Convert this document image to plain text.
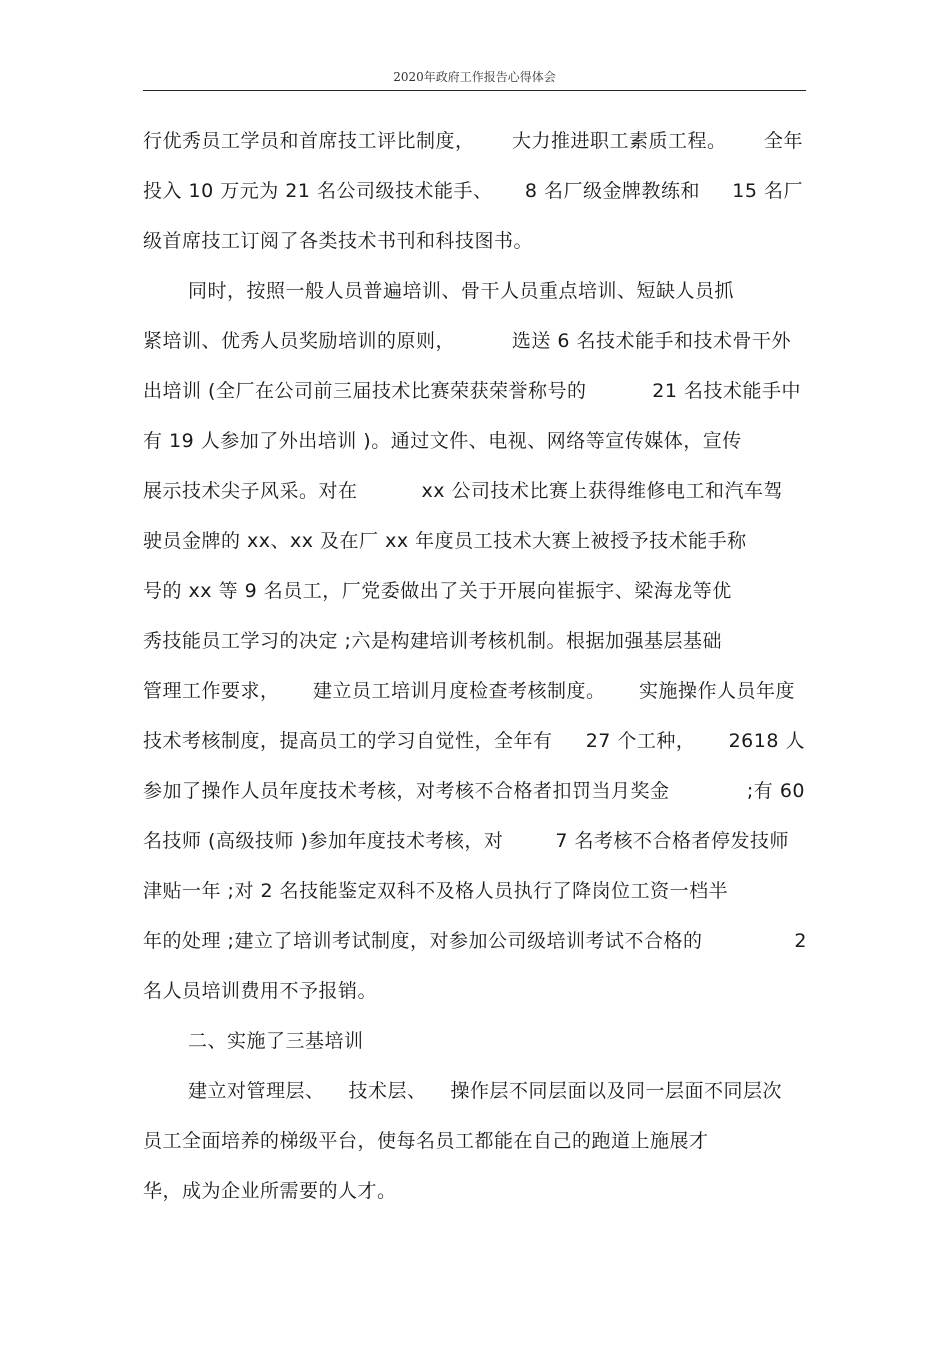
2020年政府工作报告心得体会
行优秀员工学员和首席技工评比制度， 大力推进职工素质工程。 全年
投入 10 万元为 21 名公司级技术能手、 8 名厂级金牌教练和 15 名厂
级首席技工订阅了各类技术书刊和科技图书。
同时，按照一般人员普遍培训、骨干人员重点培训、短缺人员抓
紧培训、优秀人员奖励培训的原则，	选送 6 名技术能手和技术骨干外
出培训 (全厂在公司前三届技术比赛荣获荣誉称号的	21 名技术能手中
有 19 人参加了外出培训 )。通过文件、电视、网络等宣传媒体，宣传
展示技术尖子风采。对在	xx 公司技术比赛上获得维修电工和汽车驾
驶员金牌的 xx、xx 及在厂 xx 年度员工技术大赛上被授予技术能手称
号的 xx 等 9 名员工，厂党委做出了关于开展向崔振宇、梁海龙等优
秀技能员工学习的决定 ;六是构建培训考核机制。根据加强基层基础
管理工作要求， 建立员工培训月度检查考核制度。 实施操作人员年度
技术考核制度，提高员工的学习自觉性，全年有 27 个工种， 2618 人
参加了操作人员年度技术考核，对考核不合格者扣罚当月奖金	;有 60
名技师 (高级技师 )参加年度技术考核，对	7 名考核不合格者停发技师
津贴一年 ;对 2 名技能鉴定双科不及格人员执行了降岗位工资一档半
年的处理 ;建立了培训考试制度，对参加公司级培训考试不合格的	2
名人员培训费用不予报销。
二、实施了三基培训
建立对管理层、 技术层、 操作层不同层面以及同一层面不同层次
员工全面培养的梯级平台，使每名员工都能在自己的跑道上施展才
华，成为企业所需要的人才。
